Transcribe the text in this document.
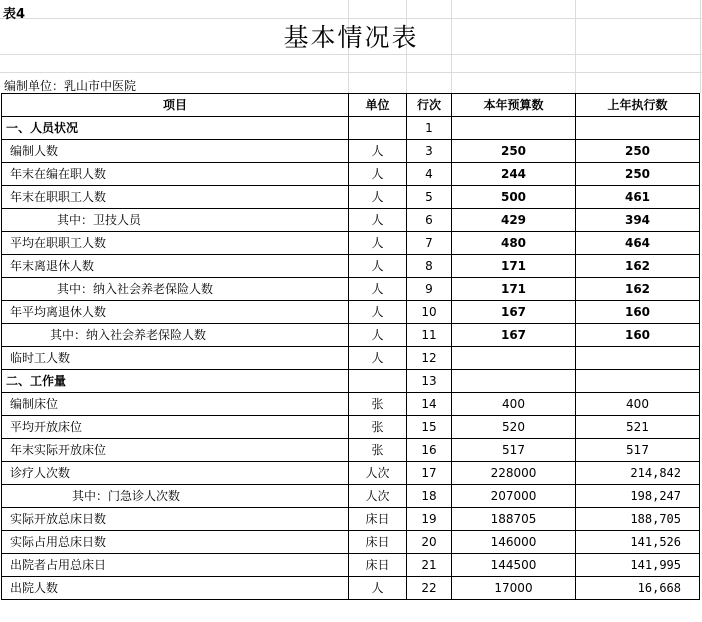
表4
基本情况表
编制单位：乳山市中医院
项目	单位	行次	本年预算数	上年执行数
一、人员状况		1		
编制人数	人	3	250	250
年末在编在职人数	人	4	244	250
年末在职职工人数	人	5	500	461
其中：卫技人员	人	6	429	394
平均在职职工人数	人	7	480	464
年末离退休人数	人	8	171	162
其中：纳入社会养老保险人数	人	9	171	162
年平均离退休人数	人	10	167	160
其中：纳入社会养老保险人数	人	11	167	160
临时工人数	人	12		
二、工作量		13		
编制床位	张	14	400	400
平均开放床位	张	15	520	521
年末实际开放床位	张	16	517	517
诊疗人次数	人次	17	228000	214,842
其中：门急诊人次数	人次	18	207000	198,247
实际开放总床日数	床日	19	188705	188,705
实际占用总床日数	床日	20	146000	141,526
出院者占用总床日	床日	21	144500	141,995
出院人数	人	22	17000	16,668
